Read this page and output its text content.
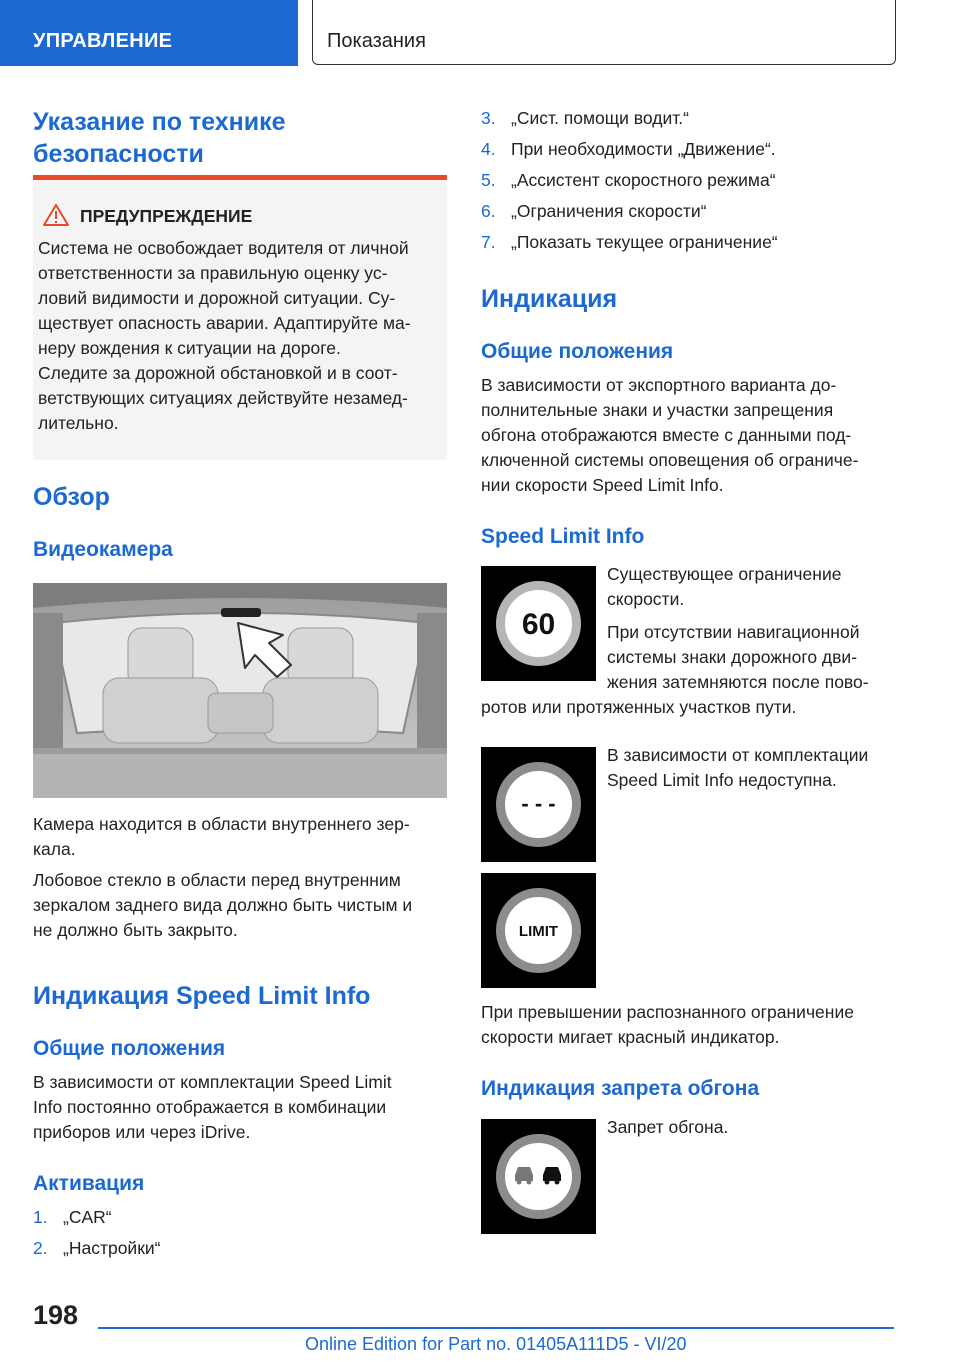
УПРАВЛЕНИЕ	Показания

Указание по технике

безопасности

ПРЕДУПРЕЖДЕНИЕ

Система не освобождает водителя от личной

ответственности за правильную оценку ус-

ловий видимости и дорожной ситуации. Су-

ществует опасность аварии. Адаптируйте ма-

неру вождения к ситуации на дороге.

Следите за дорожной обстановкой и в соот-

ветствующих ситуациях действуйте незамед-

лительно.

Обзор

Видеокамера

Камера находится в области внутреннего зер-

кала.

Лобовое стекло в области перед внутренним

зеркалом заднего вида должно быть чистым и

не должно быть закрыто.

Индикация Speed Limit Info

Общие положения

В зависимости от комплектации Speed Limit

Info постоянно отображается в комбинации

приборов или через iDrive.

Активация

1. „CAR“
2. „Настройки“
3. „Сист. помощи водит.“
4. При необходимости „Движение“.
5. „Ассистент скоростного режима“
6. „Ограничения скорости“
7. „Показать текущее ограничение“

Индикация

Общие положения

В зависимости от экспортного варианта до-

полнительные знаки и участки запрещения

обгона отображаются вместе с данными под-

ключенной системы оповещения об ограниче-

нии скорости Speed Limit Info.

Speed Limit Info

60

Существующее ограничение

скорости.

При отсутствии навигационной

системы знаки дорожного дви-

жения затемняются после пово-

ротов или протяженных участков пути.

- - -

В зависимости от комплектации

Speed Limit Info недоступна.

LIMIT

При превышении распознанного ограничение

скорости мигает красный индикатор.

Индикация запрета обгона

Запрет обгона.

198
Online Edition for Part no. 01405A111D5 - VI/20
